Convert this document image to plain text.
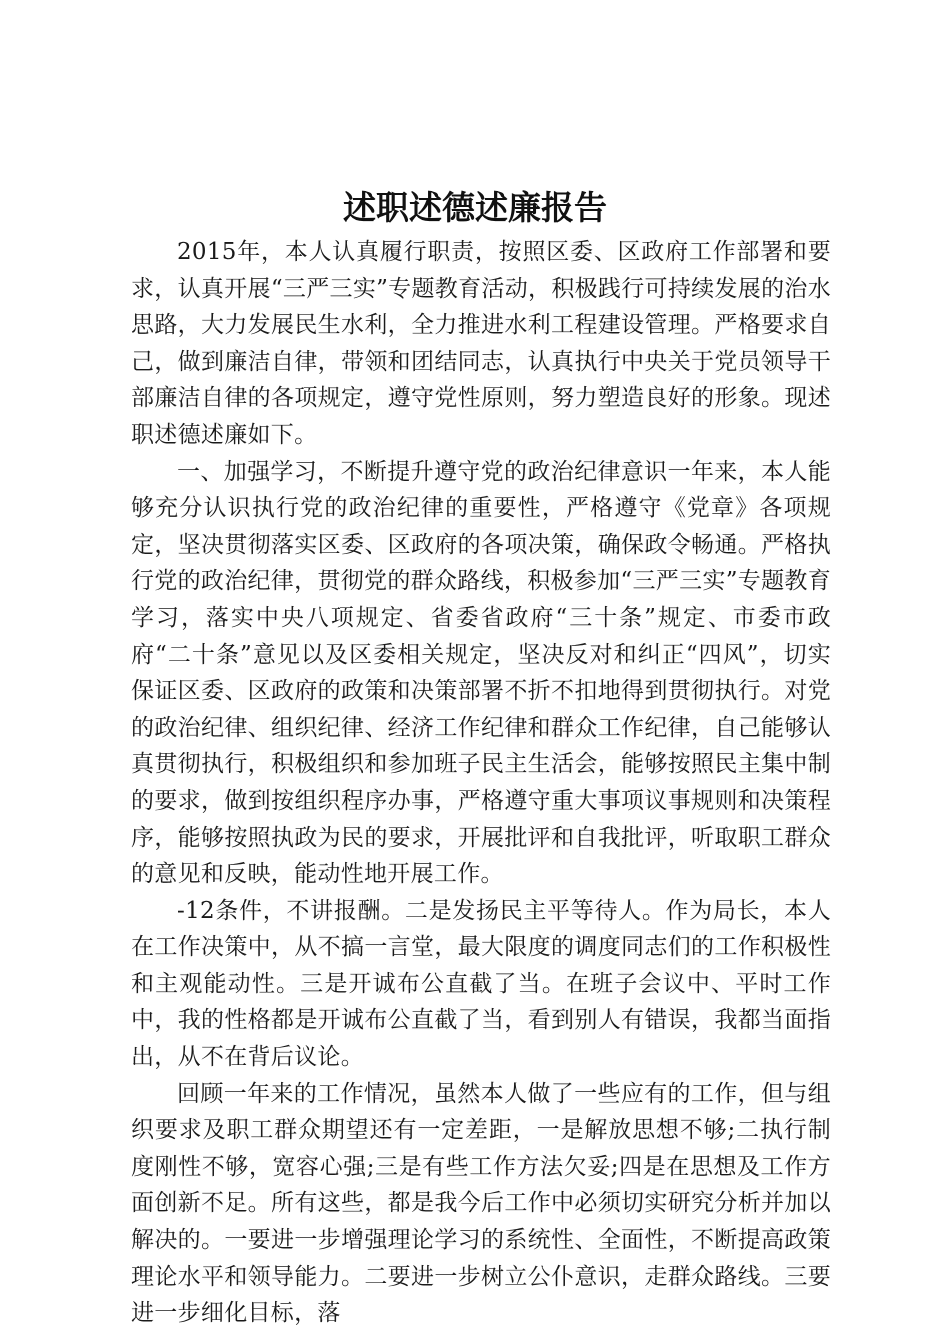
述职述德述廉报告

2015年，本人认真履行职责，按照区委、区政府工作部署和要求，认真开展“三严三实”专题教育活动，积极践行可持续发展的治水思路，大力发展民生水利，全力推进水利工程建设管理。严格要求自己，做到廉洁自律，带领和团结同志，认真执行中央关于党员领导干部廉洁自律的各项规定，遵守党性原则，努力塑造良好的形象。现述职述德述廉如下。

一、加强学习，不断提升遵守党的政治纪律意识一年来，本人能够充分认识执行党的政治纪律的重要性，严格遵守《党章》各项规定，坚决贯彻落实区委、区政府的各项决策，确保政令畅通。严格执行党的政治纪律，贯彻党的群众路线，积极参加“三严三实”专题教育学习，落实中央八项规定、省委省政府“三十条”规定、市委市政府“二十条”意见以及区委相关规定，坚决反对和纠正“四风”，切实保证区委、区政府的政策和决策部署不折不扣地得到贯彻执行。对党的政治纪律、组织纪律、经济工作纪律和群众工作纪律，自己能够认真贯彻执行，积极组织和参加班子民主生活会，能够按照民主集中制的要求，做到按组织程序办事，严格遵守重大事项议事规则和决策程序，能够按照执政为民的要求，开展批评和自我批评，听取职工群众的意见和反映，能动性地开展工作。

-12条件，不讲报酬。二是发扬民主平等待人。作为局长，本人在工作决策中，从不搞一言堂，最大限度的调度同志们的工作积极性和主观能动性。三是开诚布公直截了当。在班子会议中、平时工作中，我的性格都是开诚布公直截了当，看到别人有错误，我都当面指出，从不在背后议论。

回顾一年来的工作情况，虽然本人做了一些应有的工作，但与组织要求及职工群众期望还有一定差距，一是解放思想不够;二执行制度刚性不够，宽容心强;三是有些工作方法欠妥;四是在思想及工作方面创新不足。所有这些，都是我今后工作中必须切实研究分析并加以解决的。一要进一步增强理论学习的系统性、全面性，不断提高政策理论水平和领导能力。二要进一步树立公仆意识，走群众路线。三要进一步细化目标，落
